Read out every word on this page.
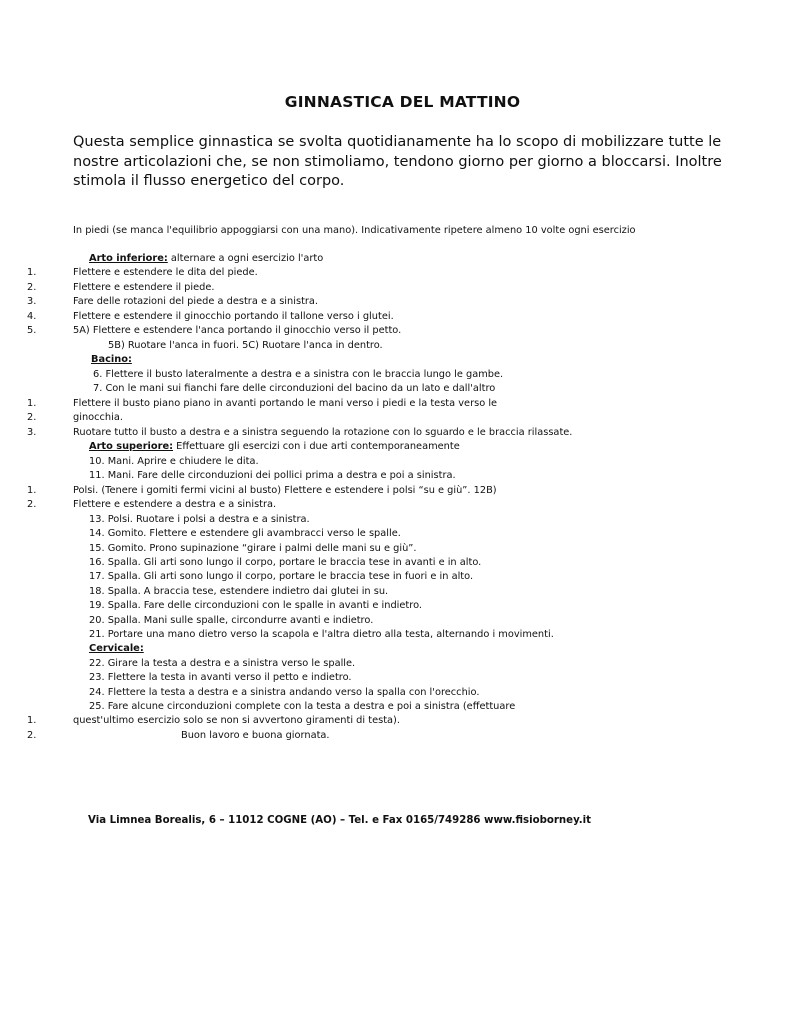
GINNASTICA DEL MATTINO
Questa semplice ginnastica se svolta quotidianamente ha lo scopo di mobilizzare tutte le nostre articolazioni che, se non stimoliamo, tendono giorno per giorno a bloccarsi. Inoltre stimola il flusso energetico del corpo.
In piedi (se manca l'equilibrio appoggiarsi con una mano). Indicativamente ripetere almeno 10 volte ogni esercizio
Arto inferiore: alternare a ogni esercizio l'arto
1.	Flettere e estendere le dita del piede.
2.	Flettere e estendere il piede.
3.	Fare delle rotazioni del piede a destra e a sinistra.
4.	Flettere e estendere il ginocchio portando il tallone verso i glutei.
5.	5A) Flettere e estendere l'anca portando il ginocchio verso il petto.
5B) Ruotare l'anca in fuori. 5C) Ruotare l'anca in dentro.
Bacino:
6. Flettere il busto lateralmente a destra e a sinistra con le braccia lungo le gambe.
7. Con le mani sui fianchi fare delle circonduzioni del bacino da un lato e dall'altro
1.	Flettere il busto piano piano in avanti portando le mani verso i piedi e la testa verso le
2.	ginocchia.
3.	Ruotare tutto il busto a destra e a sinistra seguendo la rotazione con lo sguardo e le braccia rilassate.
Arto superiore: Effettuare gli esercizi con i due arti contemporaneamente
10. Mani. Aprire e chiudere le dita.
11. Mani. Fare delle circonduzioni dei pollici prima a destra e poi a sinistra.
1.	Polsi. (Tenere i gomiti fermi vicini al busto) Flettere e estendere i polsi “su e giù”. 12B)
2.	Flettere e estendere a destra e a sinistra.
13. Polsi. Ruotare i polsi a destra e a sinistra.
14. Gomito. Flettere e estendere gli avambracci verso le spalle.
15. Gomito. Prono supinazione “girare i palmi delle mani su e giù”.
16. Spalla. Gli arti sono lungo il corpo, portare le braccia tese in avanti e in alto.
17. Spalla. Gli arti sono lungo il corpo, portare le braccia tese in fuori e in alto.
18. Spalla. A braccia tese, estendere indietro dai glutei in su.
19. Spalla. Fare delle circonduzioni con le spalle in avanti e indietro.
20. Spalla. Mani sulle spalle, circondurre avanti e indietro.
21. Portare una mano dietro verso la scapola e l'altra dietro alla testa, alternando i movimenti.
Cervicale:
22. Girare la testa a destra e a sinistra verso le spalle.
23. Flettere la testa in avanti verso il petto e indietro.
24. Flettere la testa a destra e a sinistra andando verso la spalla con l'orecchio.
25. Fare alcune circonduzioni complete con la testa a destra e poi a sinistra (effettuare
1.	quest'ultimo esercizio solo se non si avvertono giramenti di testa).
2.	Buon lavoro e buona giornata.
Via Limnea Borealis, 6 – 11012 COGNE (AO) – Tel. e Fax 0165/749286 www.fisioborney.it
